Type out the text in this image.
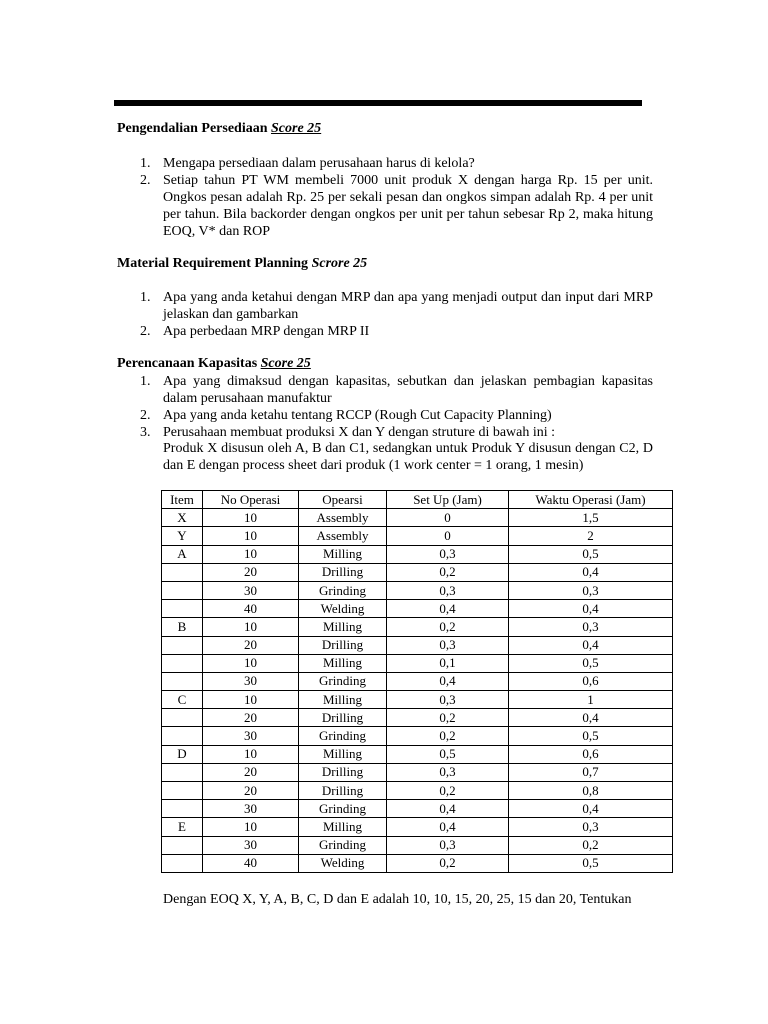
Pengendalian Persediaan Score 25
1. Mengapa persediaan dalam perusahaan harus di kelola?
2. Setiap tahun PT WM membeli 7000 unit produk X dengan harga Rp. 15 per unit. Ongkos pesan adalah Rp. 25 per sekali pesan dan ongkos simpan adalah Rp. 4 per unit per tahun. Bila backorder dengan ongkos per unit per tahun sebesar Rp 2, maka hitung EOQ, V* dan ROP
Material Requirement Planning Scrore 25
1. Apa yang anda ketahui dengan MRP dan apa yang menjadi output dan input dari MRP jelaskan dan gambarkan
2. Apa perbedaan MRP dengan MRP II
Perencanaan Kapasitas Score 25
1. Apa yang dimaksud dengan kapasitas, sebutkan dan jelaskan pembagian kapasitas dalam perusahaan manufaktur
2. Apa yang anda ketahu tentang RCCP (Rough Cut Capacity Planning)
3. Perusahaan membuat produksi X dan Y dengan struture di bawah ini :
Produk X disusun oleh A, B dan C1, sedangkan untuk Produk Y disusun dengan C2, D dan E dengan process sheet dari produk (1 work center = 1 orang, 1 mesin)
Item	No Operasi	Opearsi	Set Up (Jam)	Waktu Operasi (Jam)
X	10	Assembly	0	1,5
Y	10	Assembly	0	2
A	10	Milling	0,3	0,5
	20	Drilling	0,2	0,4
	30	Grinding	0,3	0,3
	40	Welding	0,4	0,4
B	10	Milling	0,2	0,3
	20	Drilling	0,3	0,4
	10	Milling	0,1	0,5
	30	Grinding	0,4	0,6
C	10	Milling	0,3	1
	20	Drilling	0,2	0,4
	30	Grinding	0,2	0,5
D	10	Milling	0,5	0,6
	20	Drilling	0,3	0,7
	20	Drilling	0,2	0,8
	30	Grinding	0,4	0,4
E	10	Milling	0,4	0,3
	30	Grinding	0,3	0,2
	40	Welding	0,2	0,5
Dengan EOQ X, Y, A, B, C, D dan E adalah 10, 10, 15, 20, 25, 15 dan 20, Tentukan
